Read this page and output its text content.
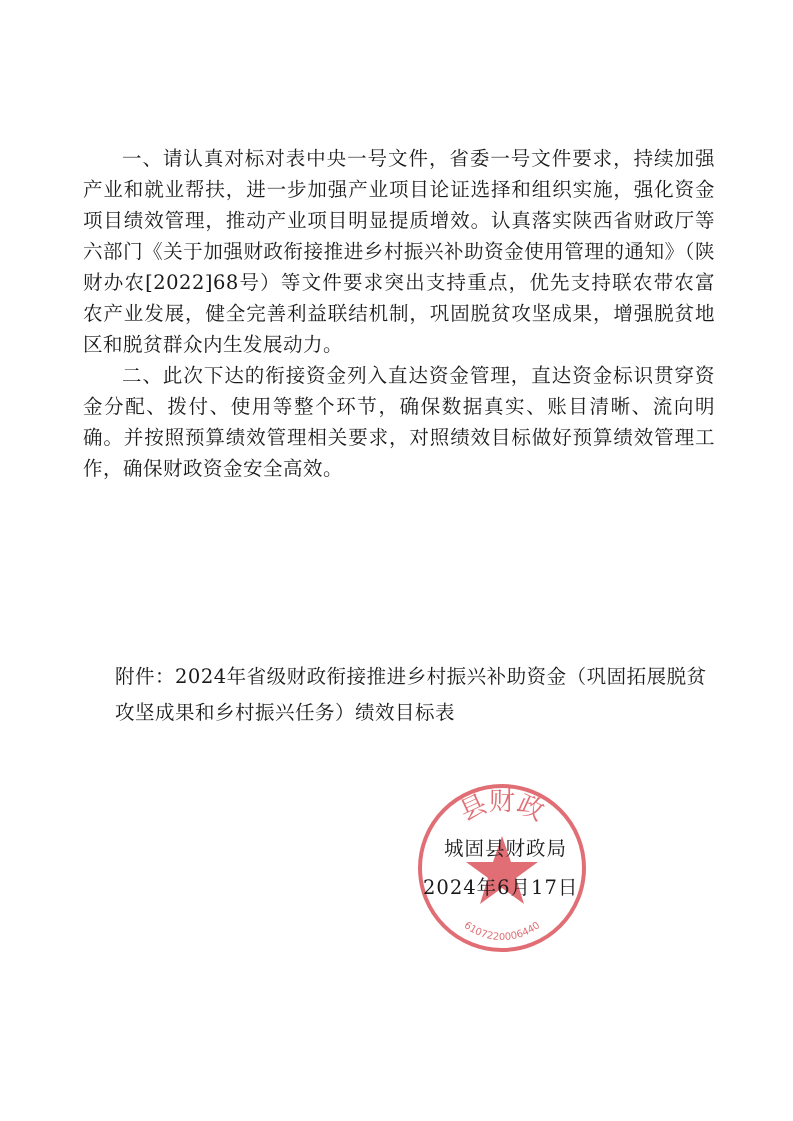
一、请认真对标对表中央一号文件，省委一号文件要求，持续加强产业和就业帮扶，进一步加强产业项目论证选择和组织实施，强化资金项目绩效管理，推动产业项目明显提质增效。认真落实陕西省财政厅等六部门《关于加强财政衔接推进乡村振兴补助资金使用管理的通知》（陕财办农[2022]68号）等文件要求突出支持重点，优先支持联农带农富农产业发展，健全完善利益联结机制，巩固脱贫攻坚成果，增强脱贫地区和脱贫群众内生发展动力。

二、此次下达的衔接资金列入直达资金管理，直达资金标识贯穿资金分配、拨付、使用等整个环节，确保数据真实、账目清晰、流向明确。并按照预算绩效管理相关要求，对照绩效目标做好预算绩效管理工作，确保财政资金安全高效。

附件：2024年省级财政衔接推进乡村振兴补助资金（巩固拓展脱贫攻坚成果和乡村振兴任务）绩效目标表
县财政
6107220006440
城固县财政局
2024年6月17日
